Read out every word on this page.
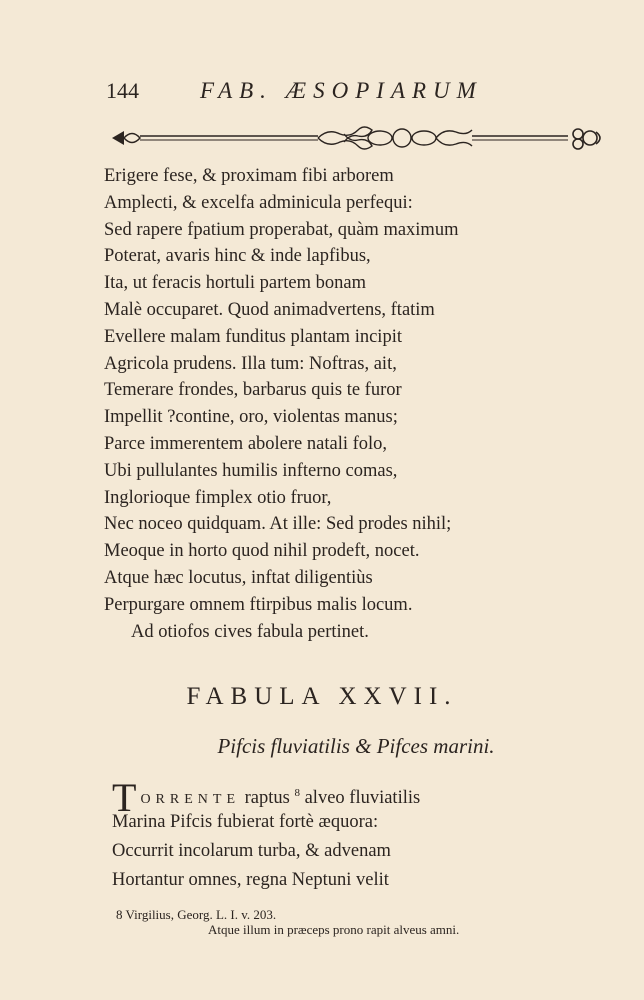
144	FAB. ÆSOPIARUM
Erigere fese, & proximam fibi arborem
Amplecti, & excelfa adminicula perfequi:
Sed rapere fpatium properabat, quàm maximum
Poterat, avaris hinc & inde lapfibus,
Ita, ut feracis hortuli partem bonam
Malè occuparet. Quod animadvertens, ftatim
Evellere malam funditus plantam incipit
Agricola prudens. Illa tum: Noftras, ait,
Temerare frondes, barbarus quis te furor
Impellit ?contine, oro, violentas manus;
Parce immerentem abolere natali folo,
Ubi pullulantes humilis infterno comas,
Inglorioque fimplex otio fruor,
Nec noceo quidquam. At ille: Sed prodes nihil;
Meoque in horto quod nihil prodeft, nocet.
Atque hæc locutus, inftat diligentiùs
Perpurgare omnem ftirpibus malis locum.
Ad otiofos cives fabula pertinet.
FABULA XXVII.
Pifcis fluviatilis & Pifces marini.
TORRENTE raptus $^8$ alveo fluviatilis
Marina Pifcis fubierat fortè æquora:
Occurrit incolarum turba, & advenam
Hortantur omnes, regna Neptuni velit
8 Virgilius, Georg. L. I. v. 203.
Atque illum in præceps prono rapit alveus amni.
